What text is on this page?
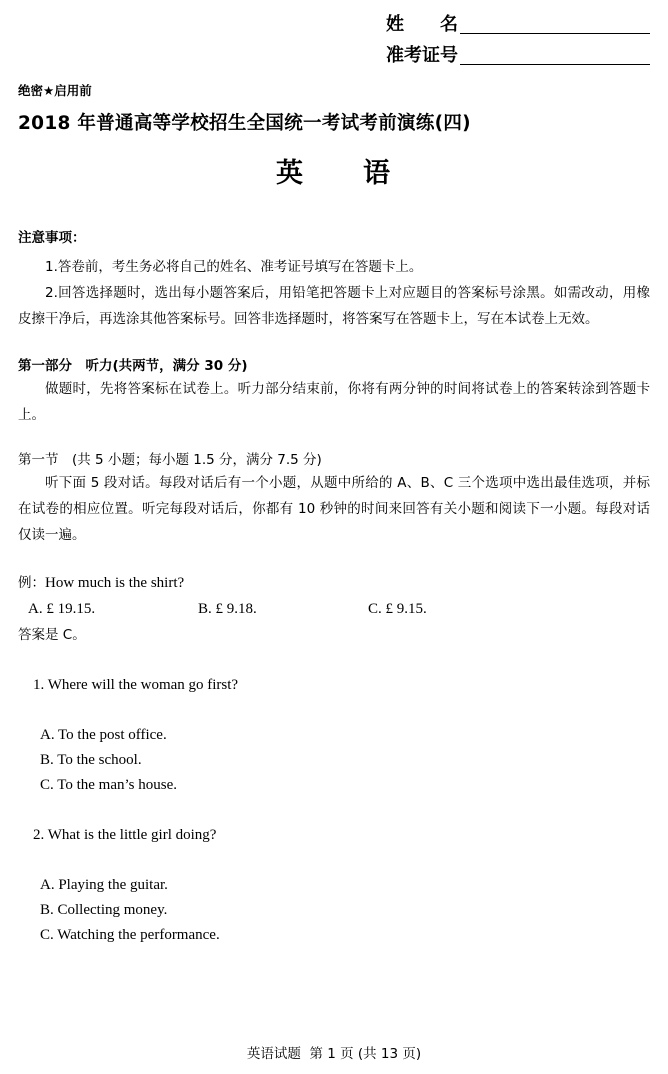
姓　　名
准考证号
绝密★启用前
2018 年普通高等学校招生全国统一考试考前演练(四)
英　　语
注意事项：
1.答卷前，考生务必将自己的姓名、准考证号填写在答题卡上。
2.回答选择题时，选出每小题答案后，用铅笔把答题卡上对应题目的答案标号涂黑。如需改动，用橡皮擦干净后，再选涂其他答案标号。回答非选择题时，将答案写在答题卡上，写在本试卷上无效。
第一部分　听力(共两节，满分 30 分)
做题时，先将答案标在试卷上。听力部分结束前，你将有两分钟的时间将试卷上的答案转涂到答题卡上。
第一节　(共 5 小题；每小题 1.5 分，满分 7.5 分)
听下面 5 段对话。每段对话后有一个小题，从题中所给的 A、B、C 三个选项中选出最佳选项，并标在试卷的相应位置。听完每段对话后，你都有 10 秒钟的时间来回答有关小题和阅读下一小题。每段对话仅读一遍。
例：How much is the shirt?
A. £ 19.15.	B. £ 9.18.	C. £ 9.15.
答案是 C。

1. Where will the woman go first?

A. To the post office.
B. To the school.
C. To the man’s house.

2. What is the little girl doing?

A. Playing the guitar.
B. Collecting money.
C. Watching the performance.
英语试题  第 1 页 (共 13 页)
